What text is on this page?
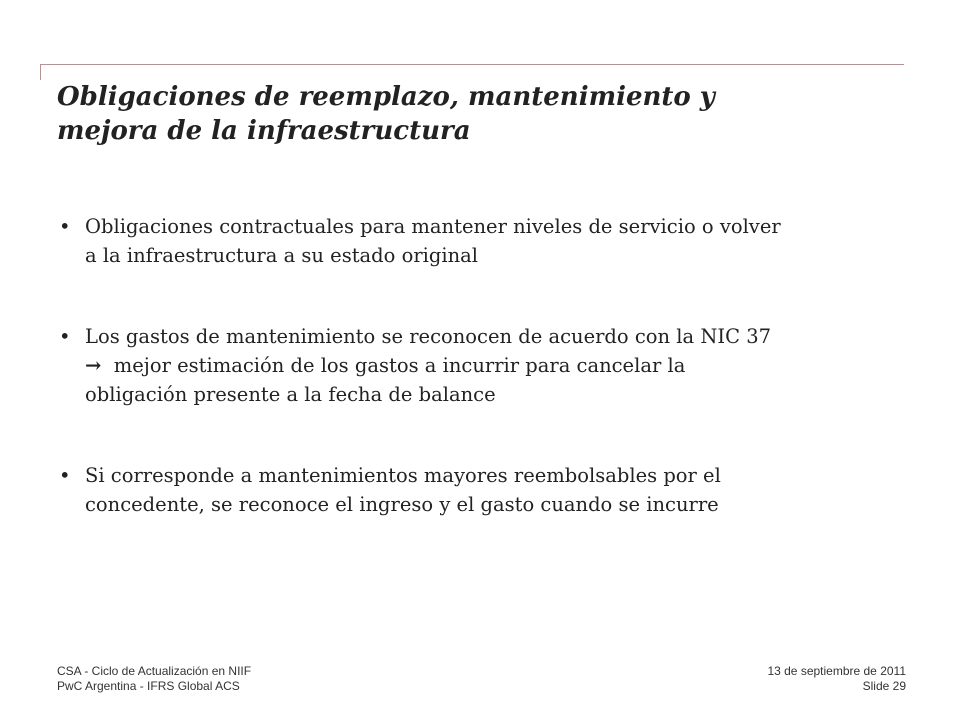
Obligaciones de reemplazo, mantenimiento y
mejora de la infraestructura
• Obligaciones contractuales para mantener niveles de servicio o volver
a la infraestructura a su estado original
• Los gastos de mantenimiento se reconocen de acuerdo con la NIC 37
→ mejor estimación de los gastos a incurrir para cancelar la
obligación presente a la fecha de balance
• Si corresponde a mantenimientos mayores reembolsables por el
concedente, se reconoce el ingreso y el gasto cuando se incurre
CSA - Ciclo de Actualización en NIIF
PwC Argentina - IFRS Global ACS
13 de septiembre de 2011
Slide 29
